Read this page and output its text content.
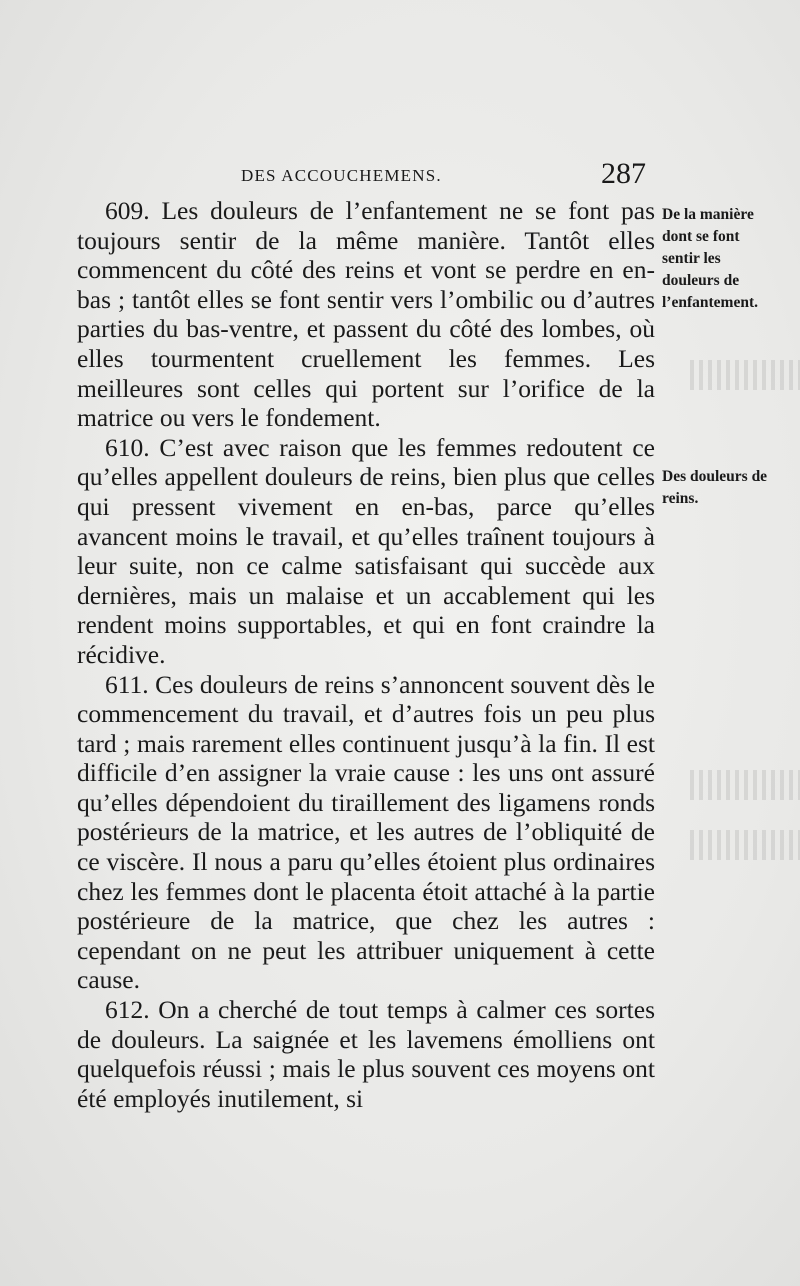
DES ACCOUCHEMENS.	287

609. Les douleurs de l’enfantement ne se font pas toujours sentir de la même manière. Tantôt elles commencent du côté des reins et vont se perdre en en-bas ; tantôt elles se font sentir vers l’ombilic ou d’autres parties du bas-ventre, et passent du côté des lombes, où elles tourmentent cruellement les femmes. Les meilleures sont celles qui portent sur l’orifice de la matrice ou vers le fondement.

610. C’est avec raison que les femmes redoutent ce qu’elles appellent douleurs de reins, bien plus que celles qui pressent vivement en en-bas, parce qu’elles avancent moins le travail, et qu’elles traînent toujours à leur suite, non ce calme satisfaisant qui succède aux dernières, mais un malaise et un accablement qui les rendent moins supportables, et qui en font craindre la récidive.

611. Ces douleurs de reins s’annoncent souvent dès le commencement du travail, et d’autres fois un peu plus tard ; mais rarement elles continuent jusqu’à la fin. Il est difficile d’en assigner la vraie cause : les uns ont assuré qu’elles dépendoient du tiraillement des ligamens ronds postérieurs de la matrice, et les autres de l’obliquité de ce viscère. Il nous a paru qu’elles étoient plus ordinaires chez les femmes dont le placenta étoit attaché à la partie postérieure de la matrice, que chez les autres : cependant on ne peut les attribuer uniquement à cette cause.

612. On a cherché de tout temps à calmer ces sortes de douleurs. La saignée et les lavemens émolliens ont quelquefois réussi ; mais le plus souvent ces moyens ont été employés inutilement, si

De la manière dont se font sentir les douleurs de l’enfantement.
Des douleurs de reins.
